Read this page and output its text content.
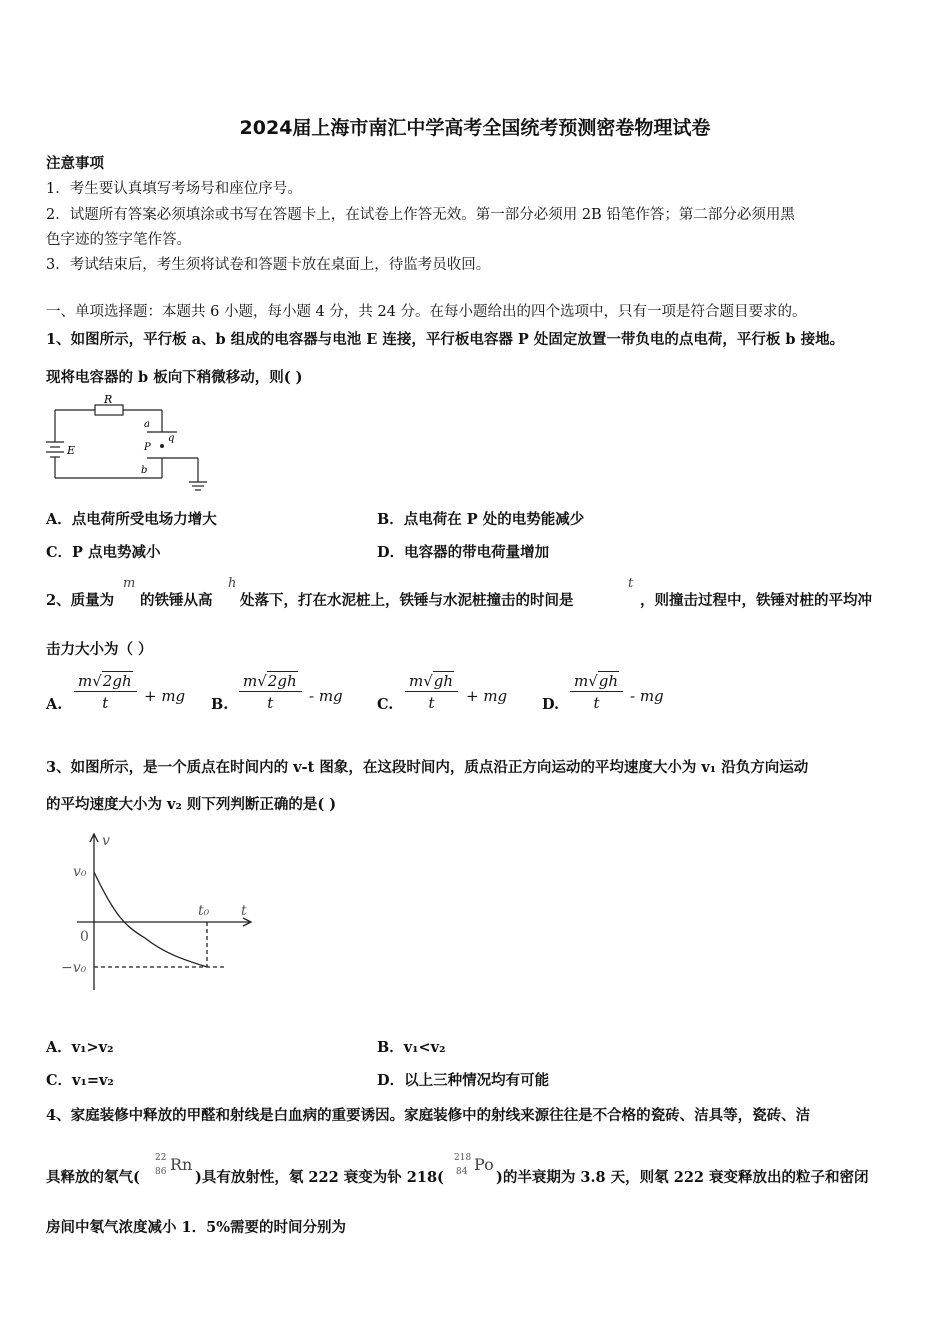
2024届上海市南汇中学高考全国统考预测密卷物理试卷
注意事项
1．考生要认真填写考场号和座位序号。
2．试题所有答案必须填涂或书写在答题卡上，在试卷上作答无效。第一部分必须用 2B 铅笔作答；第二部分必须用黑
色字迹的签字笔作答。
3．考试结束后，考生须将试卷和答题卡放在桌面上，待监考员收回。
一、单项选择题：本题共 6 小题，每小题 4 分，共 24 分。在每小题给出的四个选项中，只有一项是符合题目要求的。
1、如图所示，平行板 a、b 组成的电容器与电池 E 连接，平行板电容器 P 处固定放置一带负电的点电荷，平行板 b 接地。
现将电容器的 b 板向下稍微移动，则( )
R
E
a
P
q
b
A．点电荷所受电场力增大	B．点电荷在 P 处的电势能减少
C．P 点电势减小	D．电容器的带电荷量增加
2、质量为
m
的铁锤从高
h
处落下，打在水泥桩上，铁锤与水泥桩撞击的时间是
t
，则撞击过程中，铁锤对桩的平均冲
击力大小为（ ）
A. $\frac{m√2gh}{t}$ + mg B. $\frac{m√2gh}{t}$ - mg C. $\frac{m√gh}{t}$ + mg D. $\frac{m√gh}{t}$ - mg
3、如图所示，是一个质点在时间内的 v-t 图象，在这段时间内，质点沿正方向运动的平均速度大小为 v₁ 沿负方向运动
的平均速度大小为 v₂ 则下列判断正确的是( )
v
v₀
t₀ t
0
−v₀
A．v₁>v₂	B．v₁<v₂
C．v₁=v₂	D．以上三种情况均有可能
4、家庭装修中释放的甲醛和射线是白血病的重要诱因。家庭装修中的射线来源往往是不合格的瓷砖、洁具等，瓷砖、洁
具释放的氡气(
22
86 Rn
)具有放射性，氡 222 衰变为钋 218(
218
84 Po
)的半衰期为 3.8 天，则氡 222 衰变释放出的粒子和密闭
房间中氡气浓度减小 1．5%需要的时间分别为
